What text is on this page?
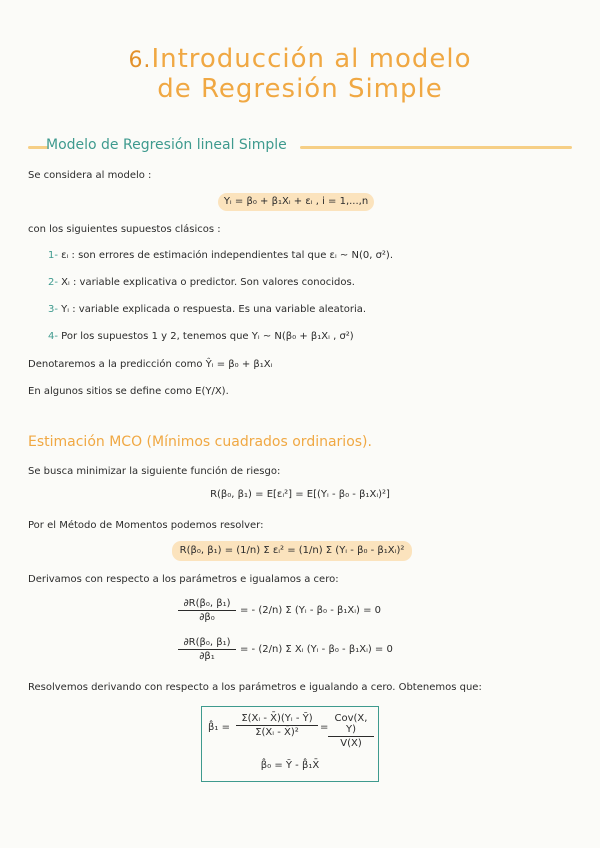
6.Introducción al modelo
de Regresión Simple
Modelo de Regresión lineal Simple
Se considera al modelo :
Yᵢ = β₀ + β₁Xᵢ + εᵢ , i = 1,...,n
con los siguientes supuestos clásicos :
1- εᵢ : son errores de estimación independientes tal que εᵢ ~ N(0, σ²).
2- Xᵢ : variable explicativa o predictor. Son valores conocidos.
3- Yᵢ : variable explicada o respuesta. Es una variable aleatoria.
4- Por los supuestos 1 y 2, tenemos que Yᵢ ~ N(β₀ + β₁Xᵢ , σ²)
Denotaremos a la predicción como Ŷᵢ = β₀ + β₁Xᵢ
En algunos sitios se define como E(Y/X).
Estimación MCO (Mínimos cuadrados ordinarios).
Se busca minimizar la siguiente función de riesgo:
R(β₀, β₁) = E[εᵢ²] = E[(Yᵢ - β₀ - β₁Xᵢ)²]
Por el Método de Momentos podemos resolver:
R(β₀, β₁) = (1/n) Σ εᵢ² = (1/n) Σ (Yᵢ - β₀ - β₁Xᵢ)²
Derivamos con respecto a los parámetros e igualamos a cero:
∂R(β₀, β₁)
∂β₀
= - (2/n) Σ (Yᵢ - β₀ - β₁Xᵢ) = 0
∂R(β₀, β₁)
∂β₁
= - (2/n) Σ Xᵢ (Yᵢ - β₀ - β₁Xᵢ) = 0
Resolvemos derivando con respecto a los parámetros e igualando a cero. Obtenemos que:
β̂₁ =
Σ(Xᵢ - X̄)(Yᵢ - Ȳ)
Σ(Xᵢ - X̄)²	=
Cov(X, Y)
V(X)
β̂₀ = Ȳ - β̂₁X̄
